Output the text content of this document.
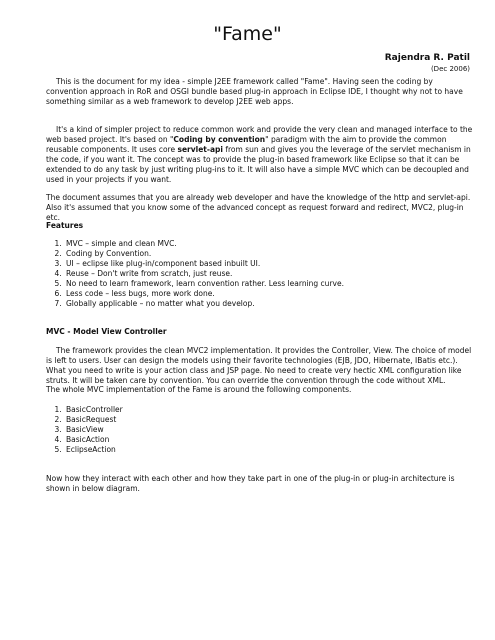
"Fame"
Rajendra R. Patil
(Dec 2006)

This is the document for my idea - simple J2EE framework called "Fame". Having seen the coding by convention approach in RoR and OSGI bundle based plug-in approach in Eclipse IDE, I thought why not to have something similar as a web framework to develop J2EE web apps.

It's a kind of simpler project to reduce common work and provide the very clean and managed interface to the web based project. It's based on "Coding by convention" paradigm with the aim to provide the common reusable components. It uses core servlet-api from sun and gives you the leverage of the servlet mechanism in the code, if you want it. The concept was to provide the plug-in based framework like Eclipse so that it can be extended to do any task by just writing plug-ins to it. It will also have a simple MVC which can be decoupled and used in your projects if you want.

The document assumes that you are already web developer and have the knowledge of the http and servlet-api. Also it's assumed that you know some of the advanced concept as request forward and redirect, MVC2, plug-in etc.

Features

1. MVC – simple and clean MVC.
2. Coding by Convention.
3. UI – eclipse like plug-in/component based inbuilt UI.
4. Reuse – Don't write from scratch, just reuse.
5. No need to learn framework, learn convention rather. Less learning curve.
6. Less code – less bugs, more work done.
7. Globally applicable – no matter what you develop.

MVC - Model View Controller

The framework provides the clean MVC2 implementation. It provides the Controller, View. The choice of model is left to users. User can design the models using their favorite technologies (EJB, JDO, Hibernate, IBatis etc.). What you need to write is your action class and JSP page. No need to create very hectic XML configuration like struts. It will be taken care by convention. You can override the convention through the code without XML.

The whole MVC implementation of the Fame is around the following components.

1. BasicController
2. BasicRequest
3. BasicView
4. BasicAction
5. EclipseAction

Now how they interact with each other and how they take part in one of the plug-in or plug-in architecture is shown in below diagram.
